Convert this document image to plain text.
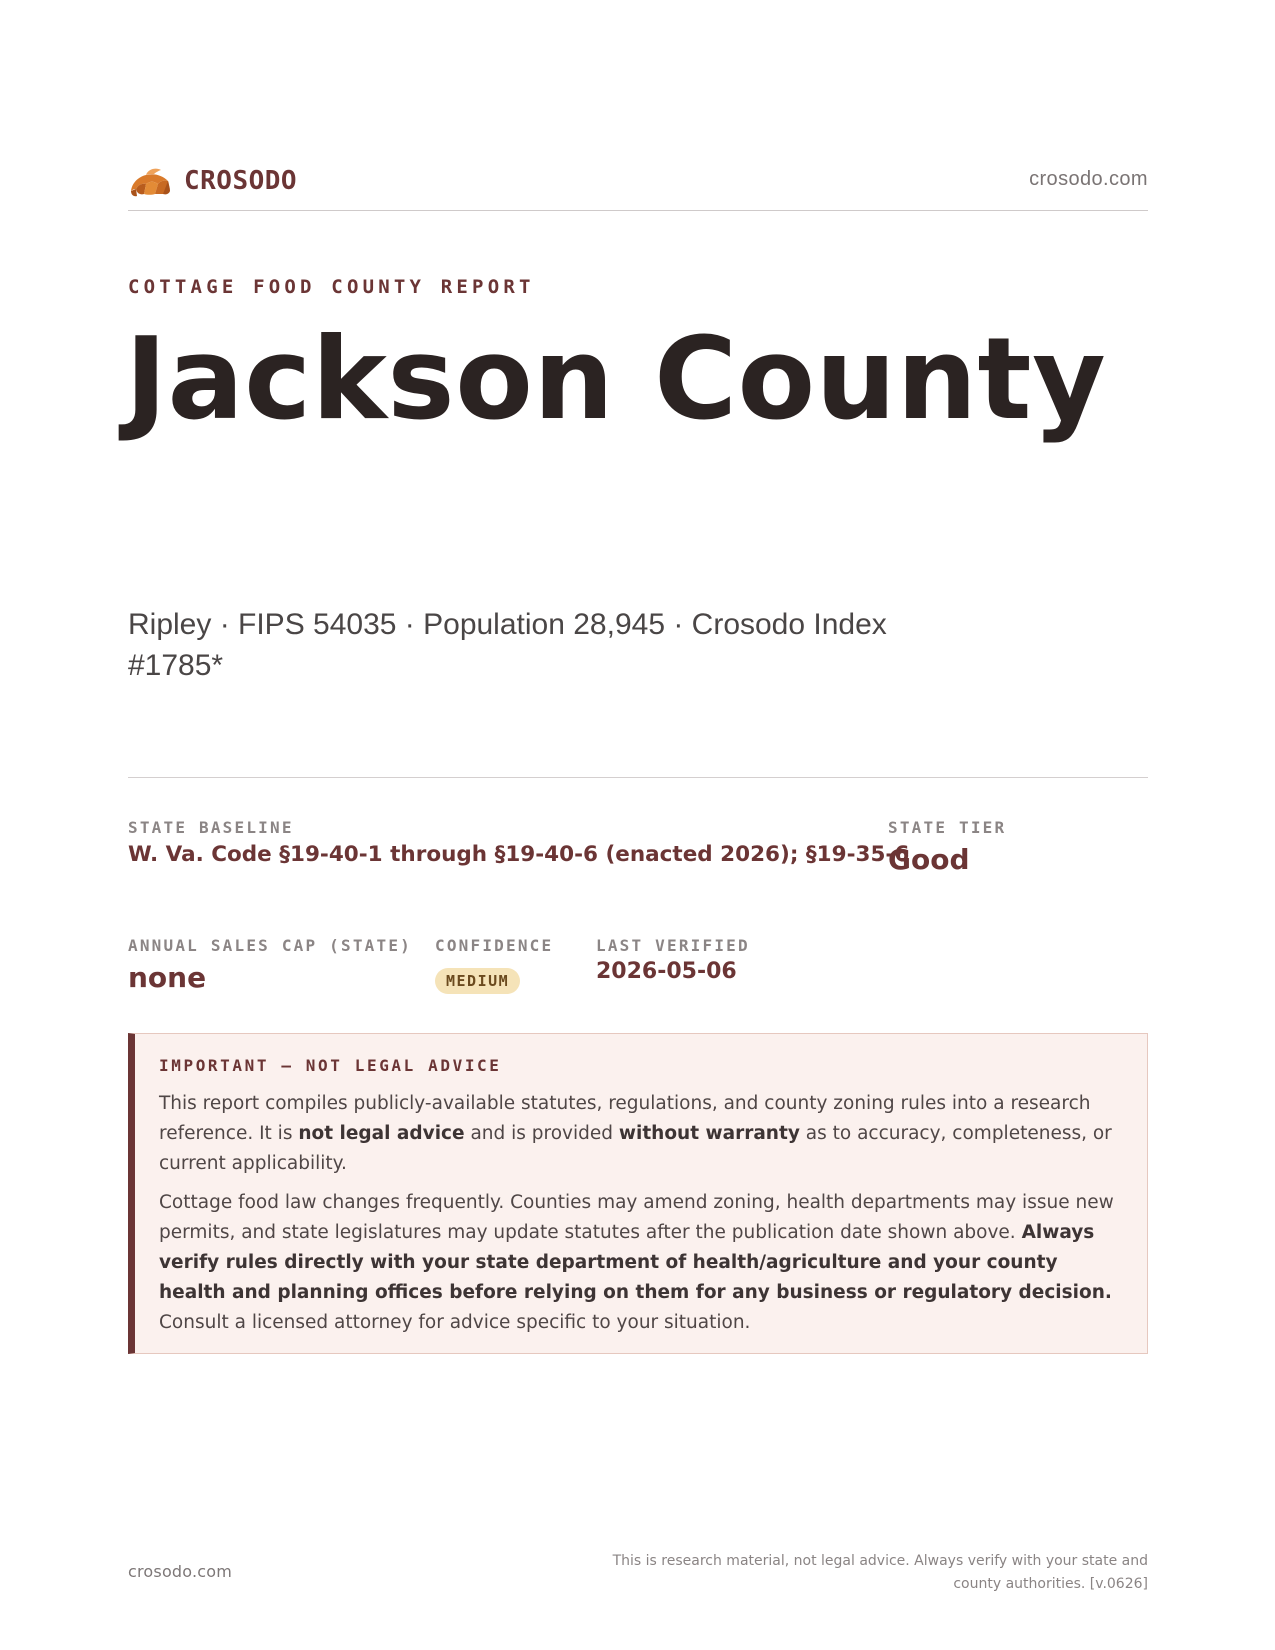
CROSODO	crosodo.com
COTTAGE FOOD COUNTY REPORT
Jackson County
Ripley · FIPS 54035 · Population 28,945 · Crosodo Index #1785*
STATE BASELINE
W. Va. Code §19-40-1 through §19-40-6 (enacted 2026); §19-35-6
STATE TIER
Good
ANNUAL SALES CAP (STATE)
none
CONFIDENCE
MEDIUM
LAST VERIFIED
2026-05-06
IMPORTANT — NOT LEGAL ADVICE

This report compiles publicly-available statutes, regulations, and county zoning rules into a research reference. It is not legal advice and is provided without warranty as to accuracy, completeness, or current applicability.

Cottage food law changes frequently. Counties may amend zoning, health departments may issue new permits, and state legislatures may update statutes after the publication date shown above. Always verify rules directly with your state department of health/agriculture and your county health and planning offices before relying on them for any business or regulatory decision. Consult a licensed attorney for advice specific to your situation.

crosodo.com
This is research material, not legal advice. Always verify with your state and county authorities. [v.0626]
